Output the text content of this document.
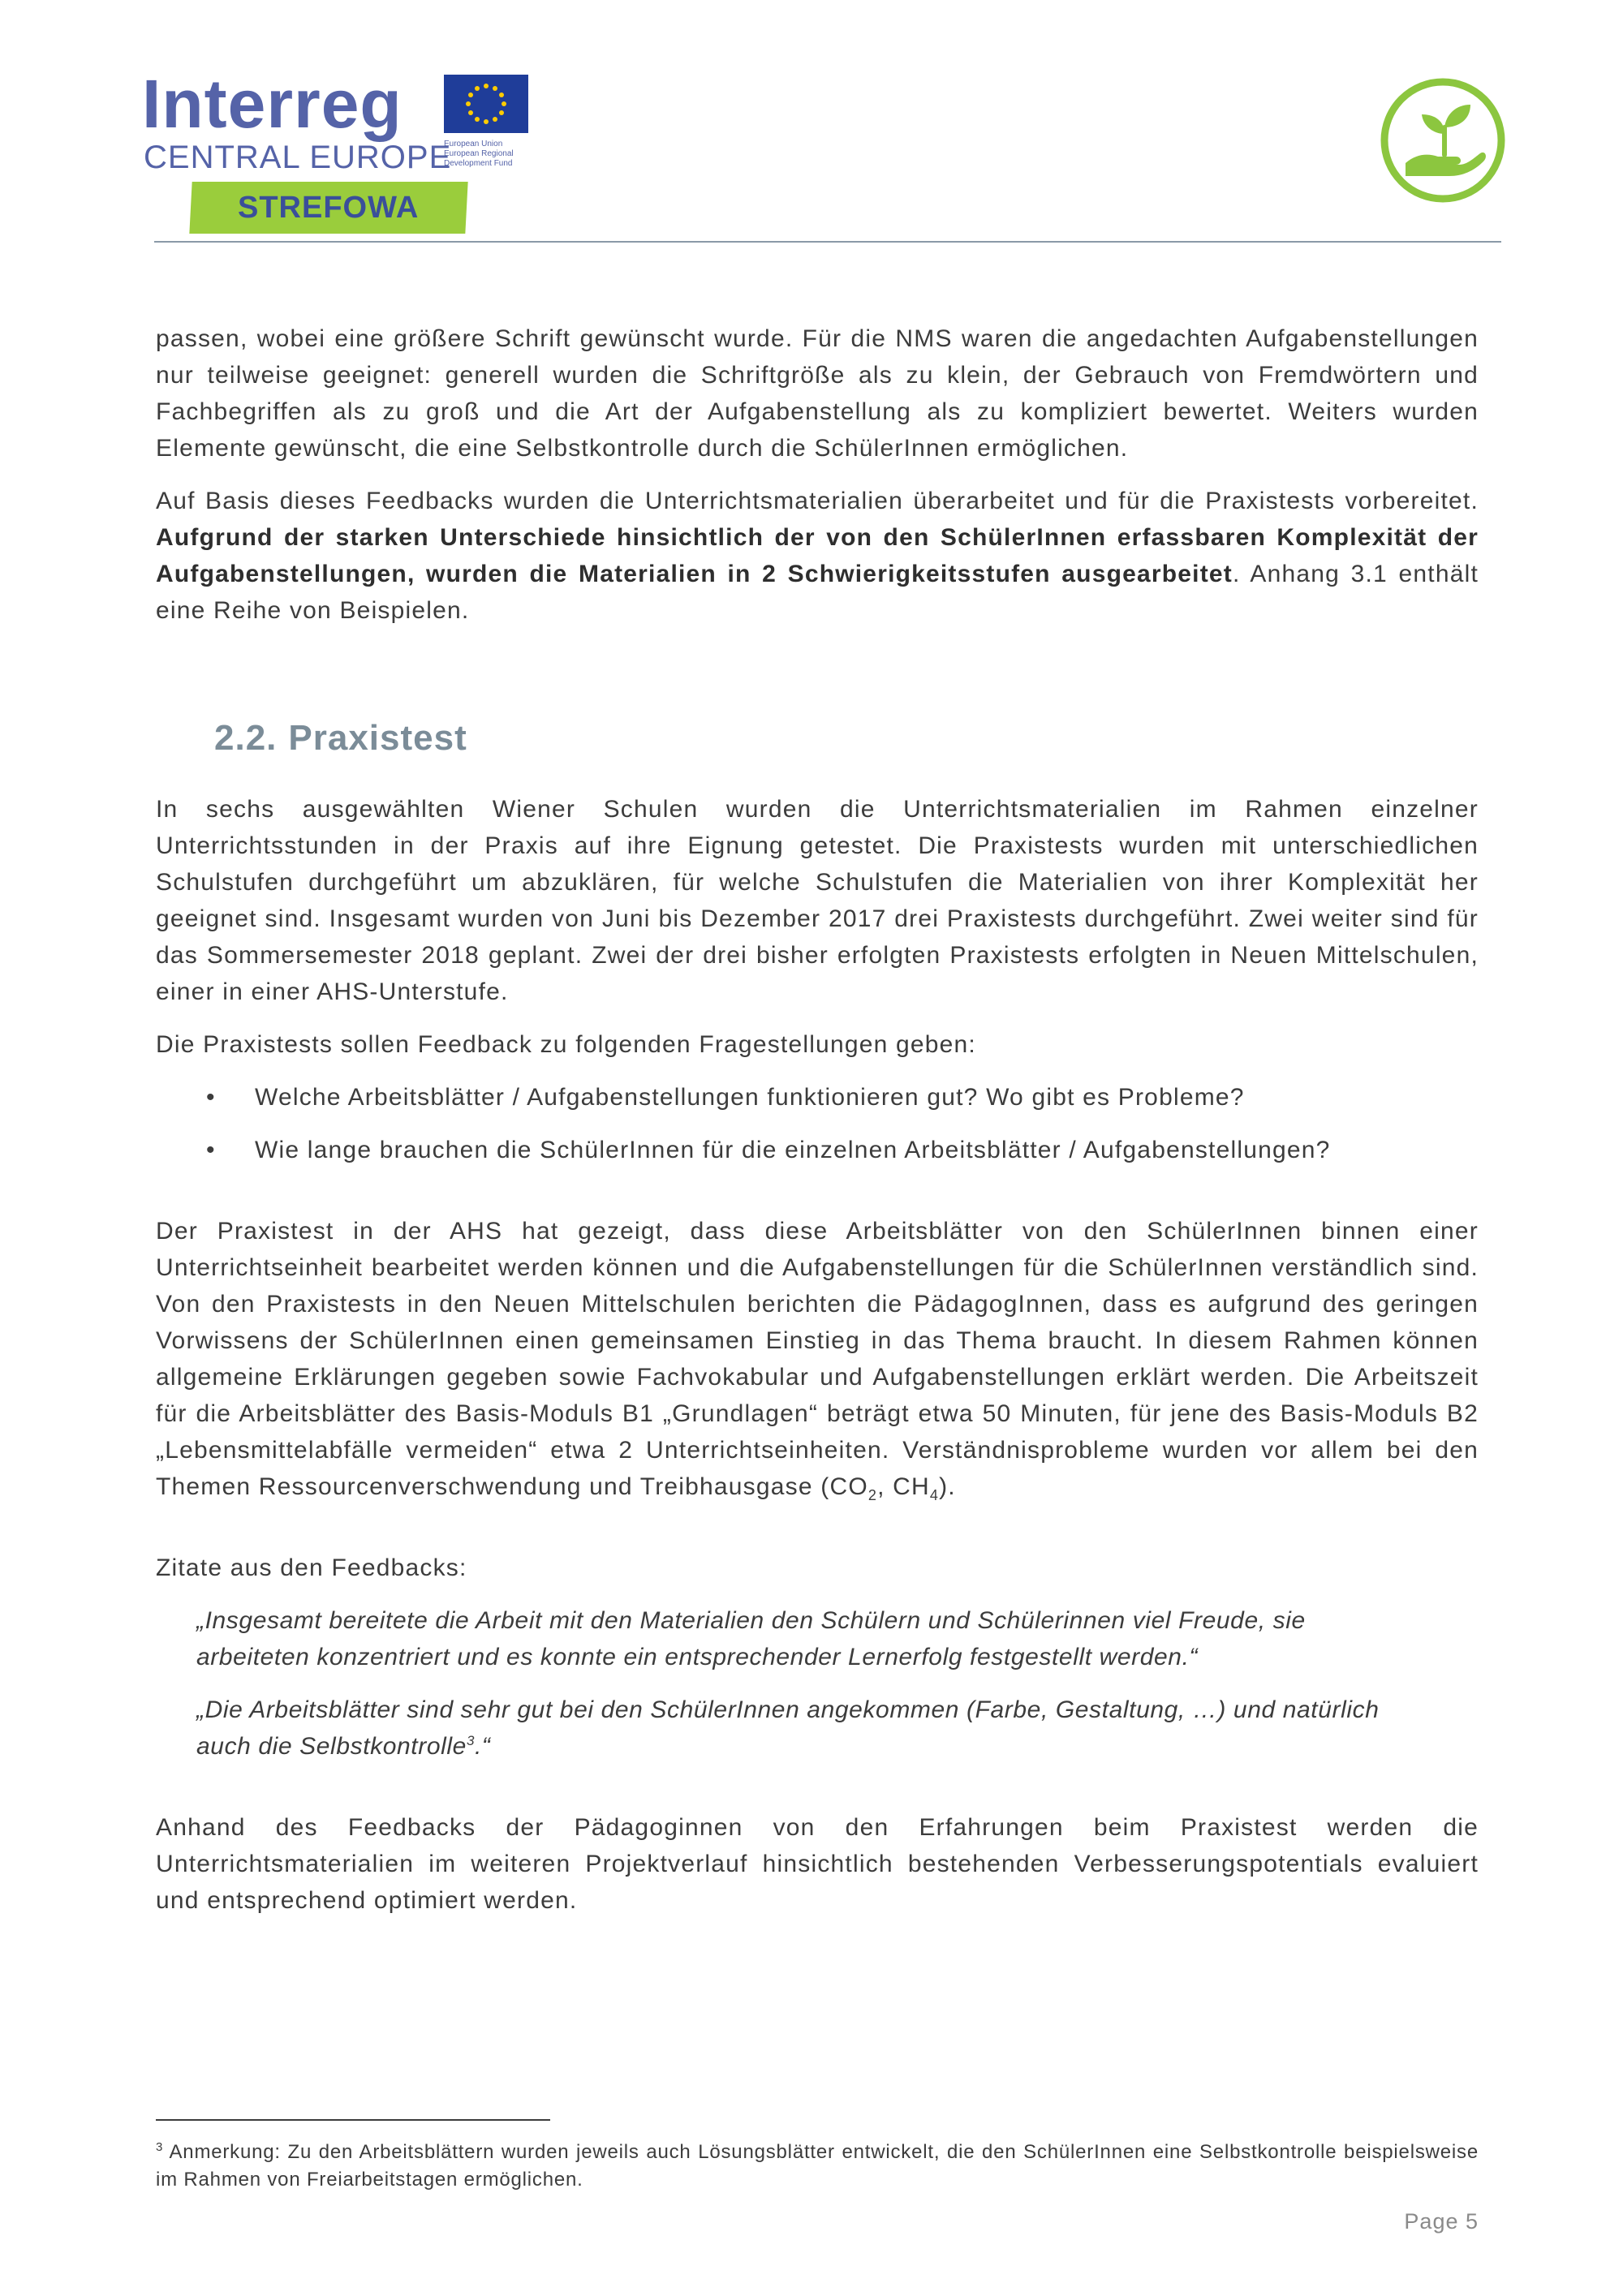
Interreg
CENTRAL EUROPE
European Union
European Regional
Development Fund
STREFOWA

passen, wobei eine größere Schrift gewünscht wurde. Für die NMS waren die angedachten Aufgabenstellungen nur teilweise geeignet: generell wurden die Schriftgröße als zu klein, der Gebrauch von Fremdwörtern und Fachbegriffen als zu groß und die Art der Aufgabenstellung als zu kompliziert bewertet. Weiters wurden Elemente gewünscht, die eine Selbstkontrolle durch die SchülerInnen ermöglichen.

Auf Basis dieses Feedbacks wurden die Unterrichtsmaterialien überarbeitet und für die Praxistests vorbereitet. Aufgrund der starken Unterschiede hinsichtlich der von den SchülerInnen erfassbaren Komplexität der Aufgabenstellungen, wurden die Materialien in 2 Schwierigkeitsstufen ausgearbeitet. Anhang 3.1 enthält eine Reihe von Beispielen.

2.2. Praxistest

In sechs ausgewählten Wiener Schulen wurden die Unterrichtsmaterialien im Rahmen einzelner Unterrichtsstunden in der Praxis auf ihre Eignung getestet. Die Praxistests wurden mit unterschiedlichen Schulstufen durchgeführt um abzuklären, für welche Schulstufen die Materialien von ihrer Komplexität her geeignet sind. Insgesamt wurden von Juni bis Dezember 2017 drei Praxistests durchgeführt. Zwei weiter sind für das Sommersemester 2018 geplant. Zwei der drei bisher erfolgten Praxistests erfolgten in Neuen Mittelschulen, einer in einer AHS-Unterstufe.

Die Praxistests sollen Feedback zu folgenden Fragestellungen geben:

• Welche Arbeitsblätter / Aufgabenstellungen funktionieren gut? Wo gibt es Probleme?
• Wie lange brauchen die SchülerInnen für die einzelnen Arbeitsblätter / Aufgabenstellungen?

Der Praxistest in der AHS hat gezeigt, dass diese Arbeitsblätter von den SchülerInnen binnen einer Unterrichtseinheit bearbeitet werden können und die Aufgabenstellungen für die SchülerInnen verständlich sind. Von den Praxistests in den Neuen Mittelschulen berichten die PädagogInnen, dass es aufgrund des geringen Vorwissens der SchülerInnen einen gemeinsamen Einstieg in das Thema braucht. In diesem Rahmen können allgemeine Erklärungen gegeben sowie Fachvokabular und Aufgabenstellungen erklärt werden. Die Arbeitszeit für die Arbeitsblätter des Basis-Moduls B1 „Grundlagen“ beträgt etwa 50 Minuten, für jene des Basis-Moduls B2 „Lebensmittelabfälle vermeiden“ etwa 2 Unterrichtseinheiten. Verständnisprobleme wurden vor allem bei den Themen Ressourcenverschwendung und Treibhausgase ($CO_2$, $CH_4$).

Zitate aus den Feedbacks:

„Insgesamt bereitete die Arbeit mit den Materialien den Schülern und Schülerinnen viel Freude, sie arbeiteten konzentriert und es konnte ein entsprechender Lernerfolg festgestellt werden.“

„Die Arbeitsblätter sind sehr gut bei den SchülerInnen angekommen (Farbe, Gestaltung, …) und natürlich auch die Selbstkontrolle$^3$.“

Anhand des Feedbacks der Pädagoginnen von den Erfahrungen beim Praxistest werden die Unterrichtsmaterialien im weiteren Projektverlauf hinsichtlich bestehenden Verbesserungspotentials evaluiert und entsprechend optimiert werden.

$^3$ Anmerkung: Zu den Arbeitsblättern wurden jeweils auch Lösungsblätter entwickelt, die den SchülerInnen eine Selbstkontrolle beispielsweise im Rahmen von Freiarbeitstagen ermöglichen.
Page 5
